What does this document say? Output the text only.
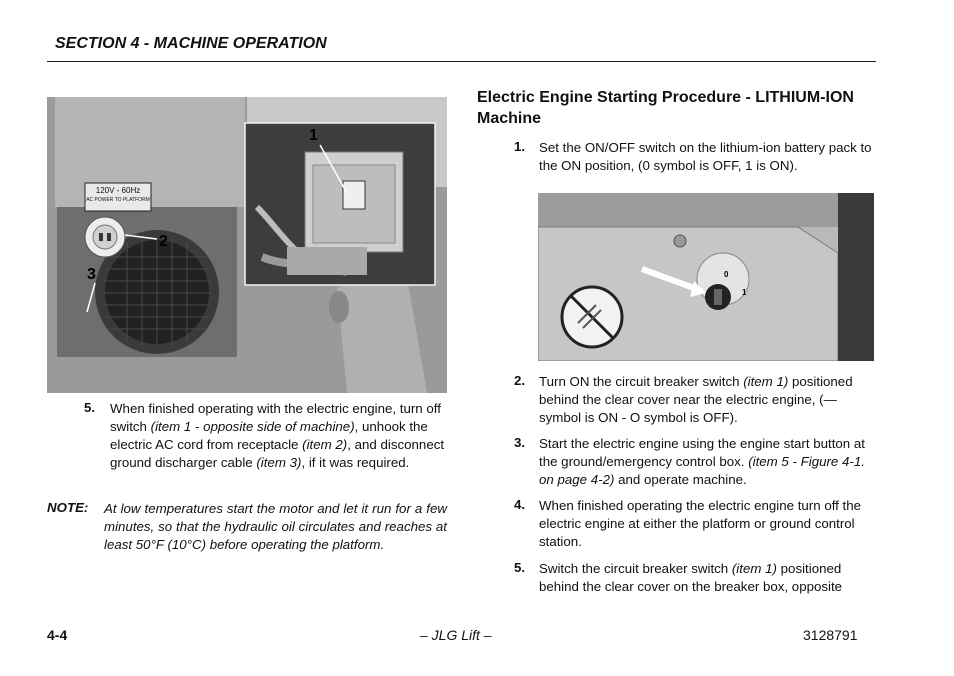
SECTION 4 - MACHINE OPERATION
120V - 60Hz
AC POWER TO PLATFORM
2
3
1
5. When finished operating with the electric engine, turn off switch (item 1 - opposite side of machine), unhook the electric AC cord from receptacle (item 2), and disconnect ground discharger cable (item 3), if it was required.
NOTE: At low temperatures start the motor and let it run for a few minutes, so that the hydraulic oil circulates and reaches at least 50°F (10°C) before operating the platform.
Electric Engine Starting Procedure - LITHIUM-ION Machine
1. Set the ON/OFF switch on the lithium-ion battery pack to the ON position, (0 symbol is OFF, 1 is ON).
0
1
2. Turn ON the circuit breaker switch (item 1) positioned behind the clear cover near the electric engine, (— symbol is ON - O symbol is OFF).
3. Start the electric engine using the engine start button at the ground/emergency control box. (item 5 - Figure 4-1. on page 4-2) and operate machine.
4. When finished operating the electric engine turn off the electric engine at either the platform or ground control station.
5. Switch the circuit breaker switch (item 1) positioned behind the clear cover on the breaker box, opposite
4-4	– JLG Lift –	3128791
